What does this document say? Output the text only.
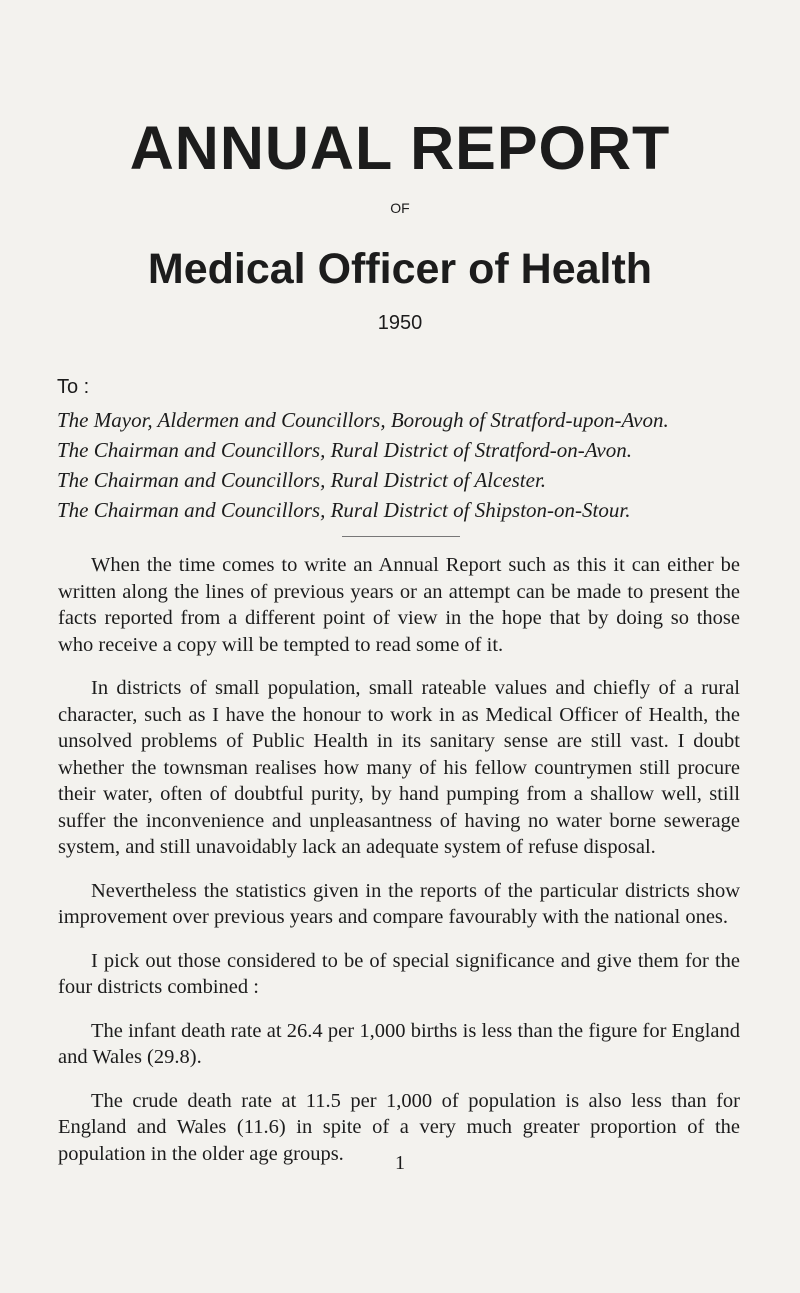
ANNUAL REPORT
OF
Medical Officer of Health
1950
To :
The Mayor, Aldermen and Councillors, Borough of Stratford-upon-Avon.
The Chairman and Councillors, Rural District of Stratford-on-Avon.
The Chairman and Councillors, Rural District of Alcester.
The Chairman and Councillors, Rural District of Shipston-on-Stour.

When the time comes to write an Annual Report such as this it can either be written along the lines of previous years or an attempt can be made to present the facts reported from a different point of view in the hope that by doing so those who receive a copy will be tempted to read some of it.

In districts of small population, small rateable values and chiefly of a rural character, such as I have the honour to work in as Medical Officer of Health, the unsolved problems of Public Health in its sanitary sense are still vast. I doubt whether the townsman realises how many of his fellow countrymen still procure their water, often of doubtful purity, by hand pumping from a shallow well, still suffer the inconvenience and unpleasantness of having no water borne sewerage system, and still unavoidably lack an adequate system of refuse disposal.

Nevertheless the statistics given in the reports of the particular districts show improvement over previous years and compare favourably with the national ones.

I pick out those considered to be of special significance and give them for the four districts combined :

The infant death rate at 26.4 per 1,000 births is less than the figure for England and Wales (29.8).

The crude death rate at 11.5 per 1,000 of population is also less than for England and Wales (11.6) in spite of a very much greater proportion of the population in the older age groups.	1
